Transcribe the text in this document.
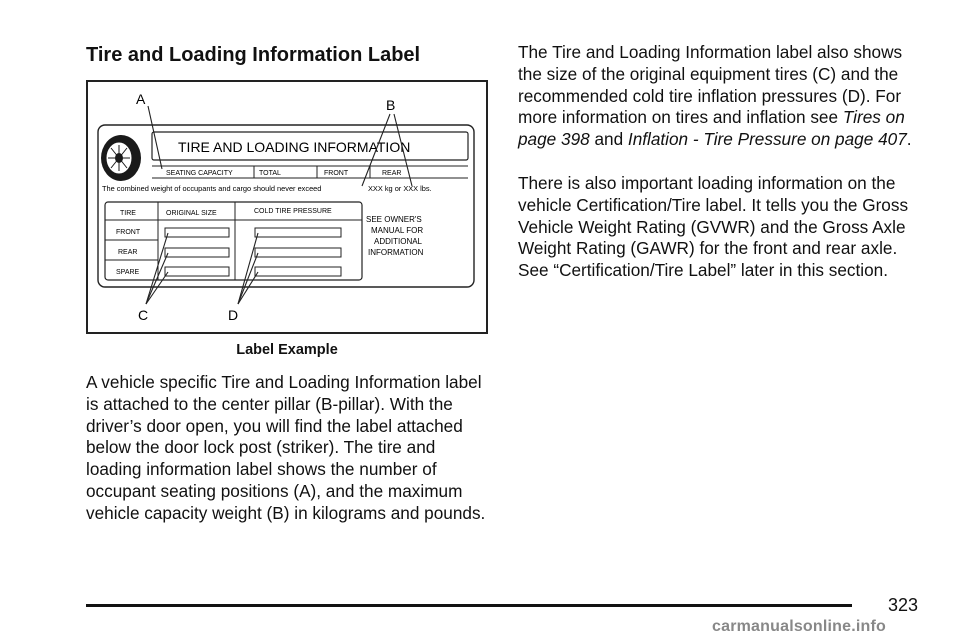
Tire and Loading Information Label
TIRE AND LOADING INFORMATION
SEATING CAPACITY	TOTAL	FRONT	REAR
The combined weight of occupants and cargo should never exceed	XXX kg or XXX lbs.
TIRE	ORIGINAL SIZE	COLD TIRE PRESSURE
FRONT
REAR
SPARE
SEE OWNER'S
MANUAL FOR
ADDITIONAL
INFORMATION
A	B
C	D
Label Example

A vehicle specific Tire and Loading Information label is attached to the center pillar (B-pillar). With the driver’s door open, you will find the label attached below the door lock post (striker). The tire and loading information label shows the number of occupant seating positions (A), and the maximum vehicle capacity weight (B) in kilograms and pounds.

The Tire and Loading Information label also shows the size of the original equipment tires (C) and the recommended cold tire inflation pressures (D). For more information on tires and inflation see Tires on page 398 and Inflation - Tire Pressure on page 407.

There is also important loading information on the vehicle Certification/Tire label. It tells you the Gross Vehicle Weight Rating (GVWR) and the Gross Axle Weight Rating (GAWR) for the front and rear axle. See “Certification/Tire Label” later in this section.

323
carmanualsonline.info
